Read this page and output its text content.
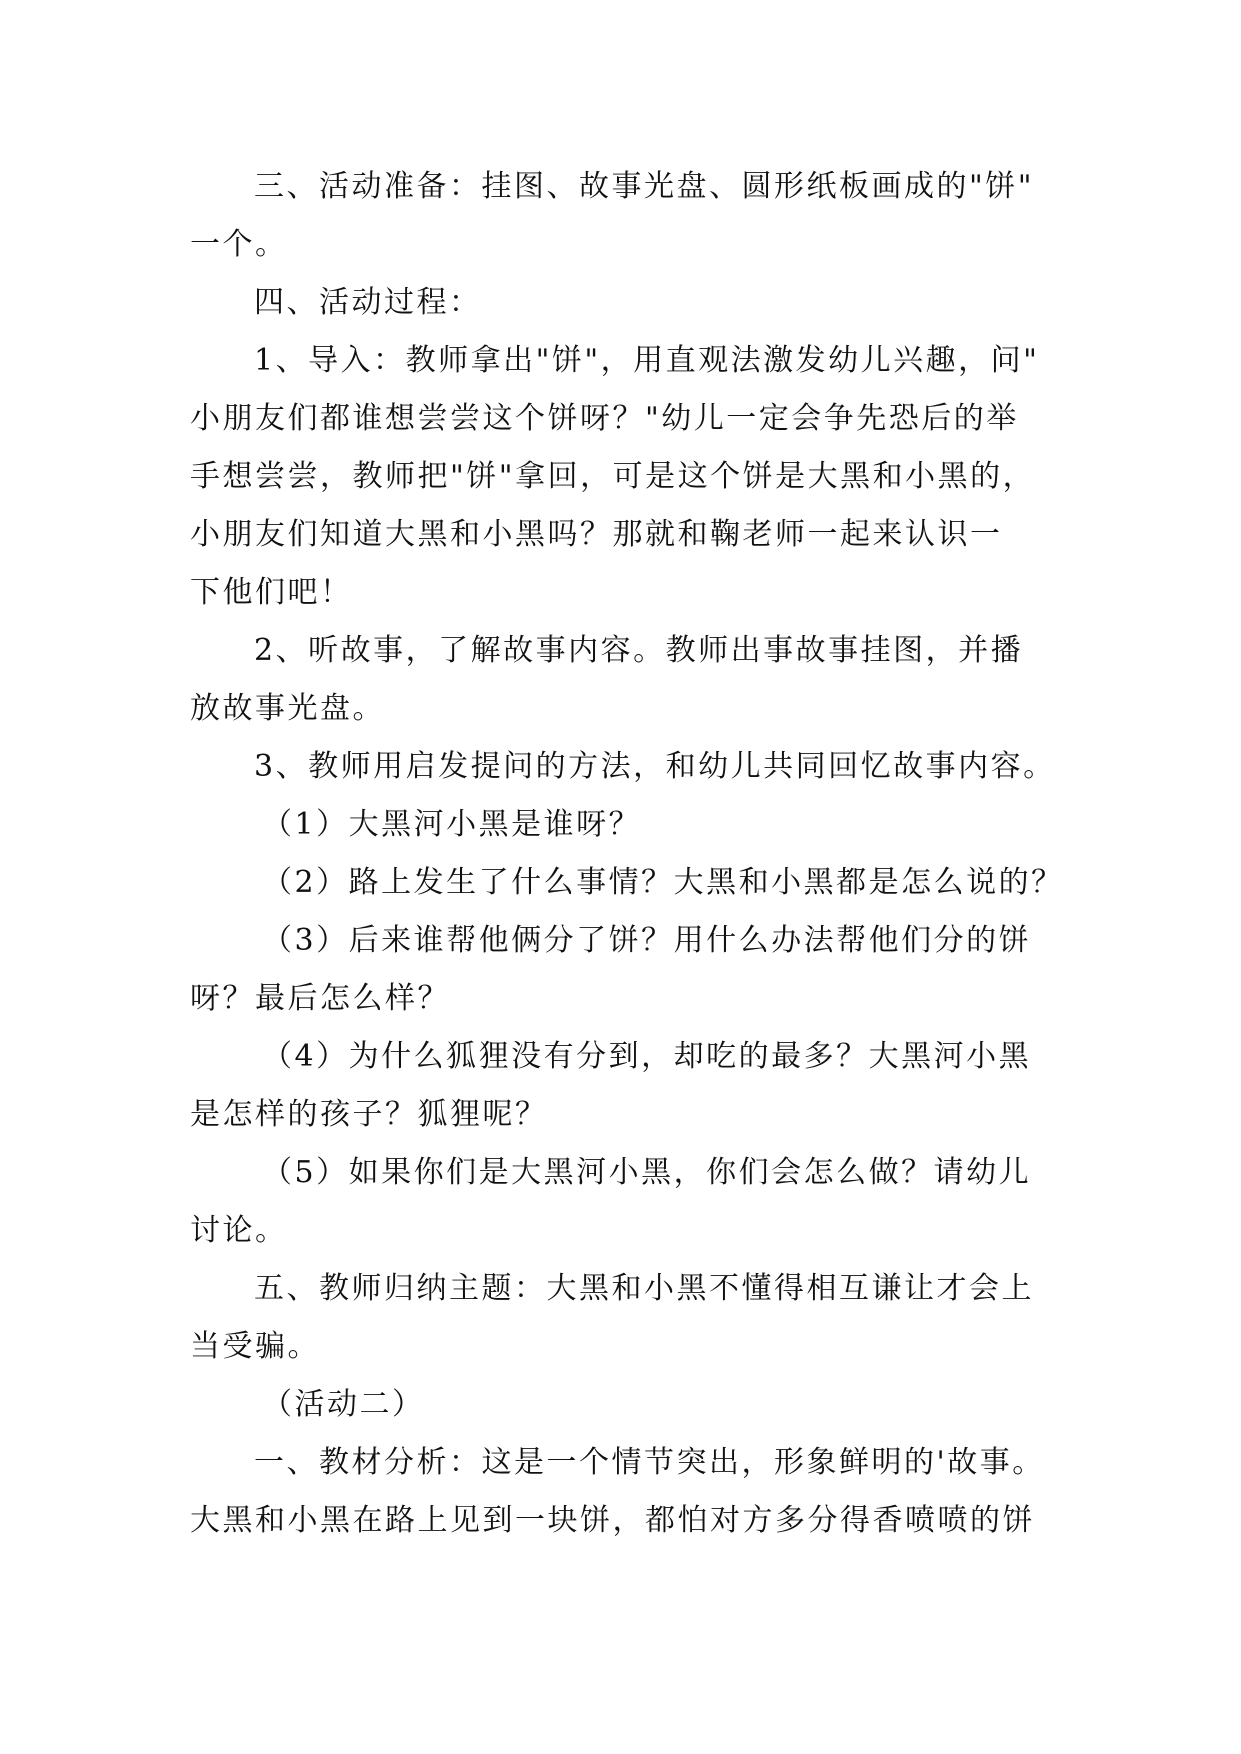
三、活动准备：挂图、故事光盘、圆形纸板画成的"饼"
一个。
四、活动过程：
1、导入：教师拿出"饼"，用直观法激发幼儿兴趣，问"
小朋友们都谁想尝尝这个饼呀？"幼儿一定会争先恐后的举
手想尝尝，教师把"饼"拿回，可是这个饼是大黑和小黑的，
小朋友们知道大黑和小黑吗？那就和鞠老师一起来认识一
下他们吧！
2、听故事，了解故事内容。教师出事故事挂图，并播
放故事光盘。
3、教师用启发提问的方法，和幼儿共同回忆故事内容。
（1）大黑河小黑是谁呀？
（2）路上发生了什么事情？大黑和小黑都是怎么说的？
（3）后来谁帮他俩分了饼？用什么办法帮他们分的饼
呀？最后怎么样？
（4）为什么狐狸没有分到，却吃的最多？大黑河小黑
是怎样的孩子？狐狸呢？
（5）如果你们是大黑河小黑，你们会怎么做？请幼儿
讨论。
五、教师归纳主题：大黑和小黑不懂得相互谦让才会上
当受骗。
（活动二）
一、教材分析：这是一个情节突出，形象鲜明的'故事。
大黑和小黑在路上见到一块饼，都怕对方多分得香喷喷的饼
